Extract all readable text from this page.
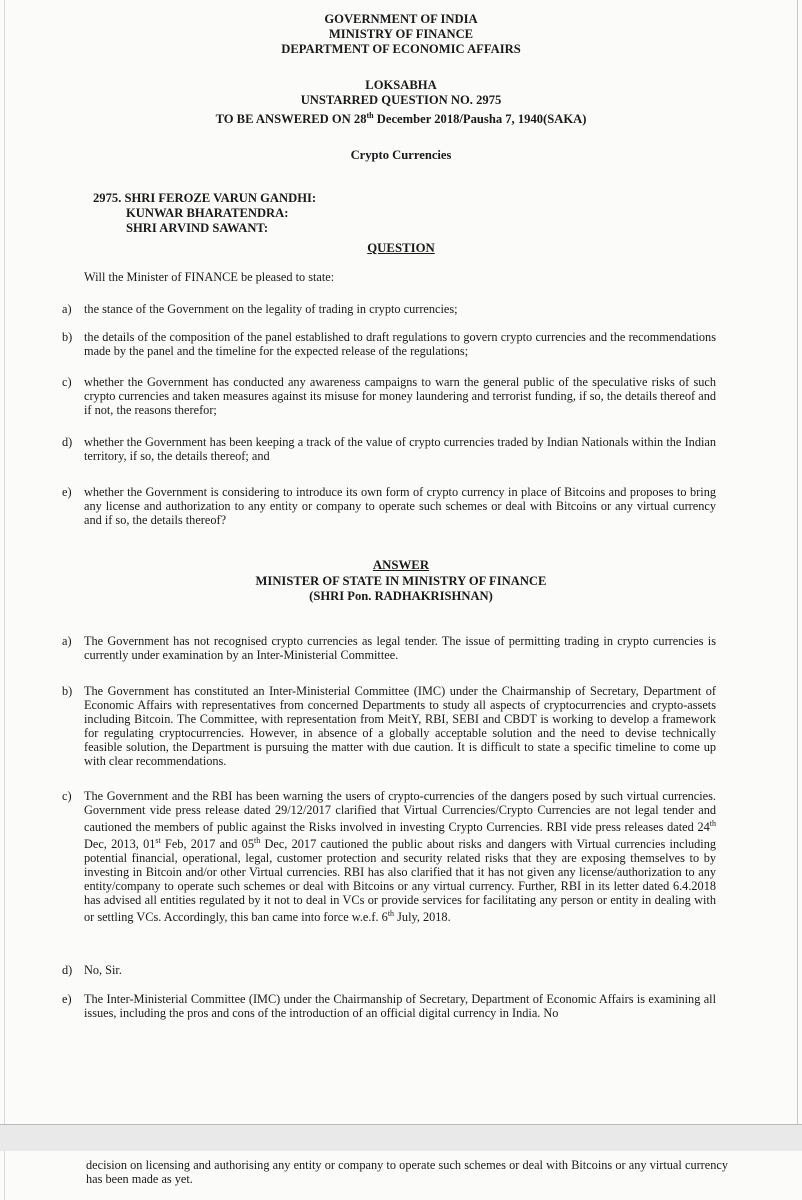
GOVERNMENT OF INDIA
MINISTRY OF FINANCE
DEPARTMENT OF ECONOMIC AFFAIRS
LOKSABHA
UNSTARRED QUESTION NO. 2975
TO BE ANSWERED ON 28th December 2018/Pausha 7, 1940(SAKA)
Crypto Currencies
2975. SHRI FEROZE VARUN GANDHI:
KUNWAR BHARATENDRA:
SHRI ARVIND SAWANT:
QUESTION
Will the Minister of FINANCE be pleased to state:
a)	the stance of the Government on the legality of trading in crypto currencies;
b) the details of the composition of the panel established to draft regulations to govern crypto currencies and the recommendations made by the panel and the timeline for the expected release of the regulations;
c)	whether the Government has conducted any awareness campaigns to warn the general public of the speculative risks of such crypto currencies and taken measures against its misuse for money laundering and terrorist funding, if so, the details thereof and if not, the reasons therefor;
d) whether the Government has been keeping a track of the value of crypto currencies traded by Indian Nationals within the Indian territory, if so, the details thereof; and
e)	whether the Government is considering to introduce its own form of crypto currency in place of Bitcoins and proposes to bring any license and authorization to any entity or company to operate such schemes or deal with Bitcoins or any virtual currency and if so, the details thereof?
ANSWER
MINISTER OF STATE IN MINISTRY OF FINANCE
(SHRI Pon. RADHAKRISHNAN)
a)	The Government has not recognised crypto currencies as legal tender. The issue of permitting trading in crypto currencies is currently under examination by an Inter-Ministerial Committee.
b) The Government has constituted an Inter-Ministerial Committee (IMC) under the Chairmanship of Secretary, Department of Economic Affairs with representatives from concerned Departments to study all aspects of cryptocurrencies and crypto-assets including Bitcoin. The Committee, with representation from MeitY, RBI, SEBI and CBDT is working to develop a framework for regulating cryptocurrencies. However, in absence of a globally acceptable solution and the need to devise technically feasible solution, the Department is pursuing the matter with due caution. It is difficult to state a specific timeline to come up with clear recommendations.
c)	The Government and the RBI has been warning the users of crypto-currencies of the dangers posed by such virtual currencies. Government vide press release dated 29/12/2017 clarified that Virtual Currencies/Crypto Currencies are not legal tender and cautioned the members of public against the Risks involved in investing Crypto Currencies. RBI vide press releases dated 24th Dec, 2013, 01st Feb, 2017 and 05th Dec, 2017 cautioned the public about risks and dangers with Virtual currencies including potential financial, operational, legal, customer protection and security related risks that they are exposing themselves to by investing in Bitcoin and/or other Virtual currencies. RBI has also clarified that it has not given any license/authorization to any entity/company to operate such schemes or deal with Bitcoins or any virtual currency. Further, RBI in its letter dated 6.4.2018 has advised all entities regulated by it not to deal in VCs or provide services for facilitating any person or entity in dealing with or settling VCs. Accordingly, this ban came into force w.e.f. 6th July, 2018.
d) No, Sir.
e)	The Inter-Ministerial Committee (IMC) under the Chairmanship of Secretary, Department of Economic Affairs is examining all issues, including the pros and cons of the introduction of an official digital currency in India. No
decision on licensing and authorising any entity or company to operate such schemes or deal with Bitcoins or any virtual currency has been made as yet.
